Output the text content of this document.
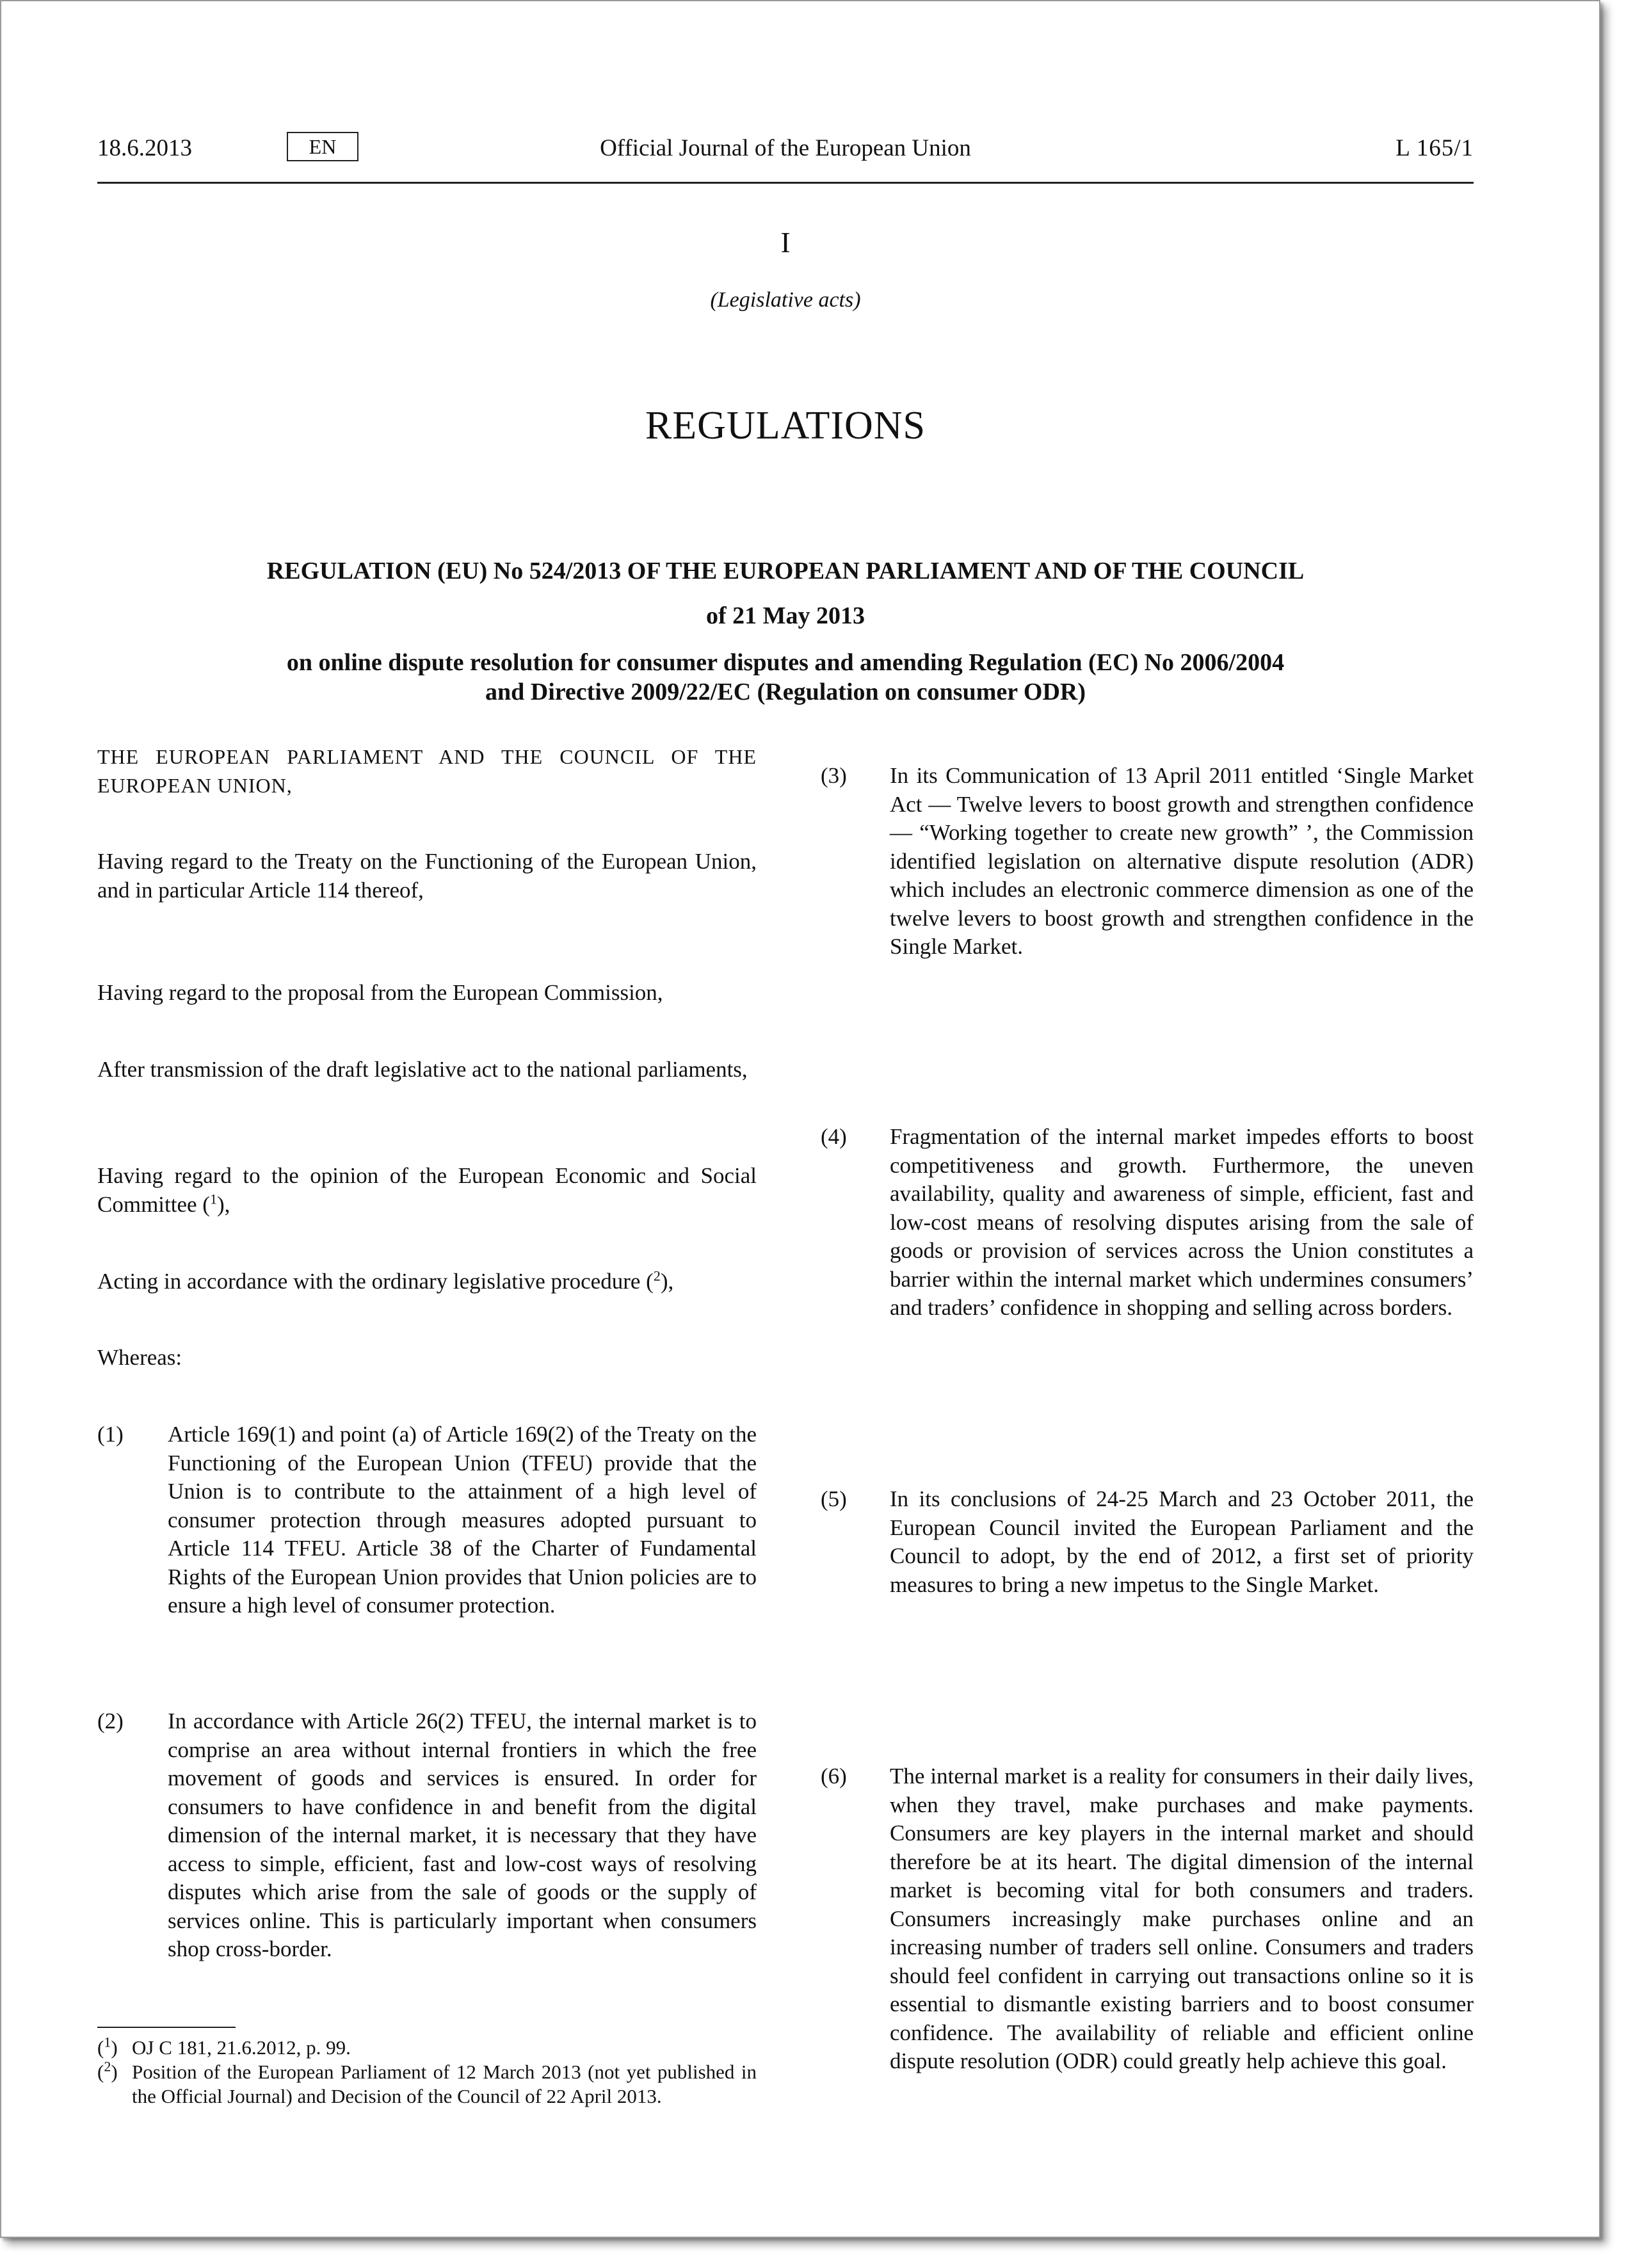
18.6.2013	Official Journal of the European Union
EN	L 165/1
I
(Legislative acts)
REGULATIONS
REGULATION (EU) No 524/2013 OF THE EUROPEAN PARLIAMENT AND OF THE COUNCIL
of 21 May 2013
on online dispute resolution for consumer disputes and amending Regulation (EC) No 2006/2004
and Directive 2009/22/EC (Regulation on consumer ODR)
THE EUROPEAN PARLIAMENT AND THE COUNCIL OF THE EUROPEAN UNION,
Having regard to the Treaty on the Functioning of the European Union, and in particular Article 114 thereof,
Having regard to the proposal from the European Commission,
After transmission of the draft legislative act to the national parliaments,
Having regard to the opinion of the European Economic and Social Committee ($^1$),
Acting in accordance with the ordinary legislative procedure ($^2$),
Whereas:
(1)	Article 169(1) and point (a) of Article 169(2) of the Treaty on the Functioning of the European Union (TFEU) provide that the Union is to contribute to the attainment of a high level of consumer protection through measures adopted pursuant to Article 114 TFEU. Article 38 of the Charter of Fundamental Rights of the European Union provides that Union policies are to ensure a high level of consumer protection.
(2)	In accordance with Article 26(2) TFEU, the internal market is to comprise an area without internal frontiers in which the free movement of goods and services is ensured. In order for consumers to have confidence in and benefit from the digital dimension of the internal market, it is necessary that they have access to simple, efficient, fast and low-cost ways of resolving disputes which arise from the sale of goods or the supply of services online. This is particularly important when consumers shop cross-border.
(3)	In its Communication of 13 April 2011 entitled ‘Single Market Act — Twelve levers to boost growth and strengthen confidence — “Working together to create new growth” ’, the Commission identified legislation on alternative dispute resolution (ADR) which includes an electronic commerce dimension as one of the twelve levers to boost growth and strengthen confidence in the Single Market.
(4)	Fragmentation of the internal market impedes efforts to boost competitiveness and growth. Furthermore, the uneven availability, quality and awareness of simple, efficient, fast and low-cost means of resolving disputes arising from the sale of goods or provision of services across the Union constitutes a barrier within the internal market which undermines consumers’ and traders’ confidence in shopping and selling across borders.
(5)	In its conclusions of 24-25 March and 23 October 2011, the European Council invited the European Parliament and the Council to adopt, by the end of 2012, a first set of priority measures to bring a new impetus to the Single Market.
(6)	The internal market is a reality for consumers in their daily lives, when they travel, make purchases and make payments. Consumers are key players in the internal market and should therefore be at its heart. The digital dimension of the internal market is becoming vital for both consumers and traders. Consumers increasingly make purchases online and an increasing number of traders sell online. Consumers and traders should feel confident in carrying out transactions online so it is essential to dismantle existing barriers and to boost consumer confidence. The availability of reliable and efficient online dispute resolution (ODR) could greatly help achieve this goal.
($^1$) OJ C 181, 21.6.2012, p. 99.
($^2$) Position of the European Parliament of 12 March 2013 (not yet published in the Official Journal) and Decision of the Council of 22 April 2013.
